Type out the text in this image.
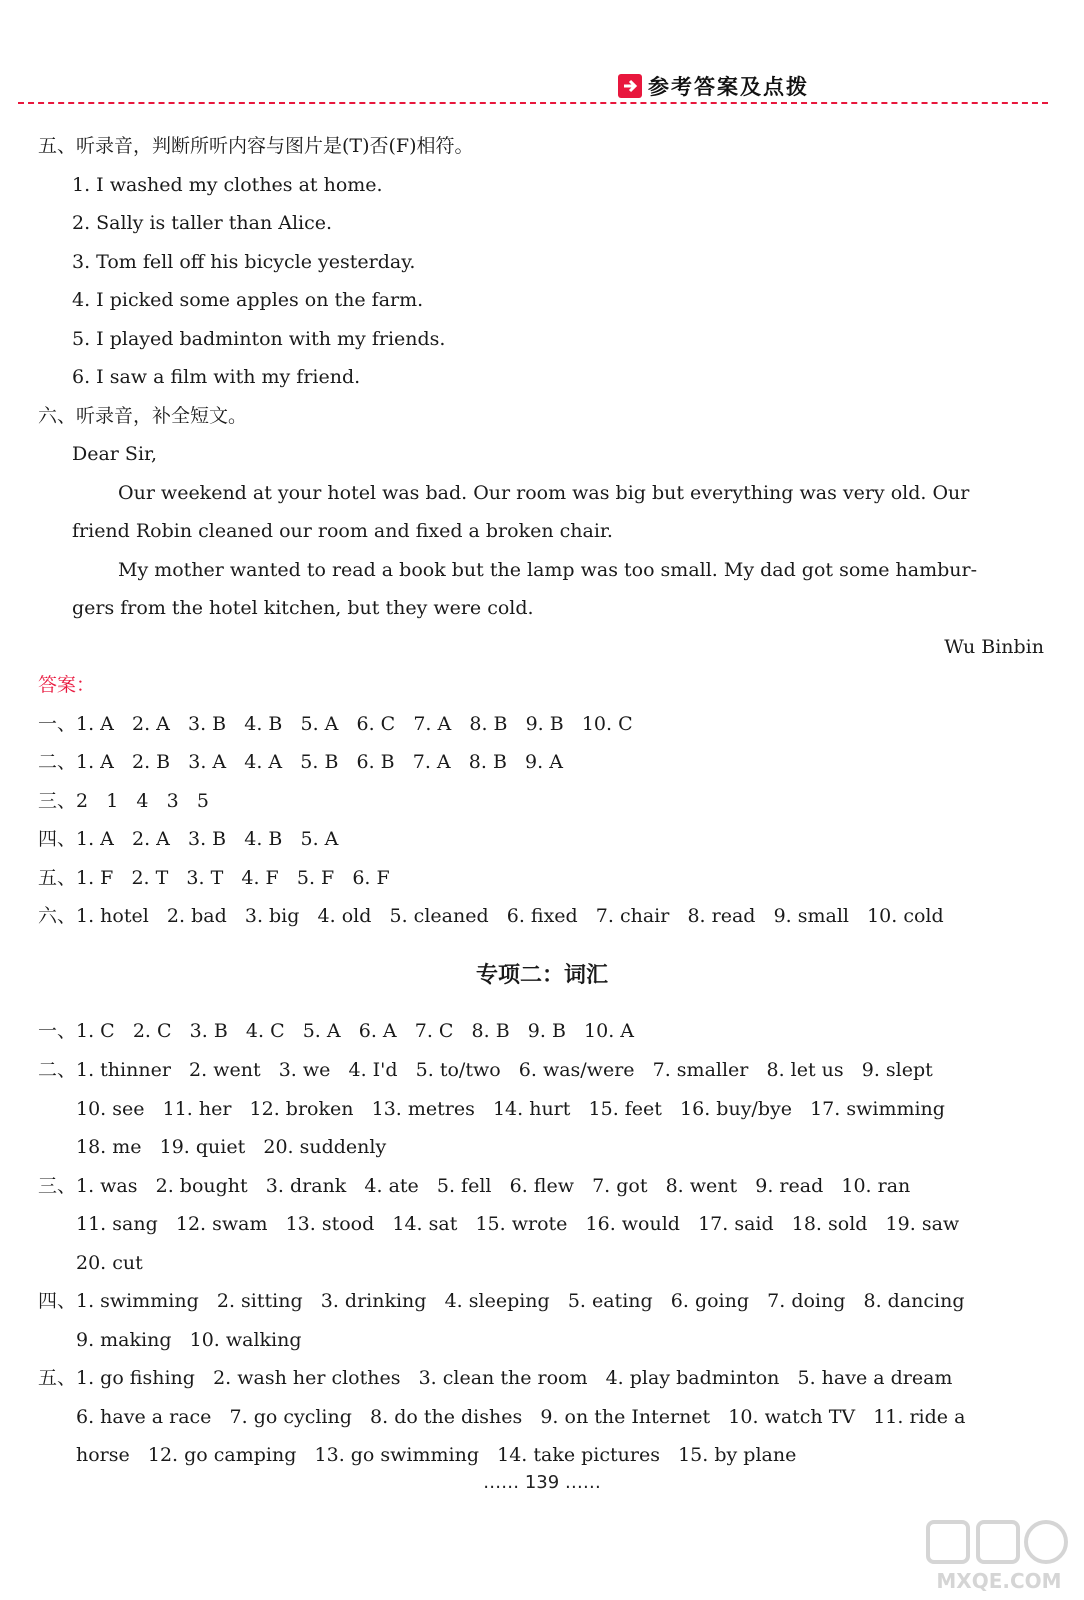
参考答案及点拨
五、听录音，判断所听内容与图片是(T)否(F)相符。
1. I washed my clothes at home.
2. Sally is taller than Alice.
3. Tom fell off his bicycle yesterday.
4. I picked some apples on the farm.
5. I played badminton with my friends.
6. I saw a film with my friend.
六、听录音，补全短文。
Dear Sir,
Our weekend at your hotel was bad. Our room was big but everything was very old. Our
friend Robin cleaned our room and fixed a broken chair.
My mother wanted to read a book but the lamp was too small. My dad got some hambur-
gers from the hotel kitchen, but they were cold.
Wu Binbin
答案：
一、1. A   2. A   3. B   4. B   5. A   6. C   7. A   8. B   9. B   10. C
二、1. A   2. B   3. A   4. A   5. B   6. B   7. A   8. B   9. A
三、2   1   4   3   5
四、1. A   2. A   3. B   4. B   5. A
五、1. F   2. T   3. T   4. F   5. F   6. F
六、1. hotel   2. bad   3. big   4. old   5. cleaned   6. fixed   7. chair   8. read   9. small   10. cold
专项二：词汇
一、1. C   2. C   3. B   4. C   5. A   6. A   7. C   8. B   9. B   10. A
二、1. thinner   2. went   3. we   4. I'd   5. to/two   6. was/were   7. smaller   8. let us   9. slept
10. see   11. her   12. broken   13. metres   14. hurt   15. feet   16. buy/bye   17. swimming
18. me   19. quiet   20. suddenly
三、1. was   2. bought   3. drank   4. ate   5. fell   6. flew   7. got   8. went   9. read   10. ran
11. sang   12. swam   13. stood   14. sat   15. wrote   16. would   17. said   18. sold   19. saw
20. cut
四、1. swimming   2. sitting   3. drinking   4. sleeping   5. eating   6. going   7. doing   8. dancing
9. making   10. walking
五、1. go fishing   2. wash her clothes   3. clean the room   4. play badminton   5. have a dream
6. have a race   7. go cycling   8. do the dishes   9. on the Internet   10. watch TV   11. ride a
horse   12. go camping   13. go swimming   14. take pictures   15. by plane
…… 139 ……
MXQE.COM
